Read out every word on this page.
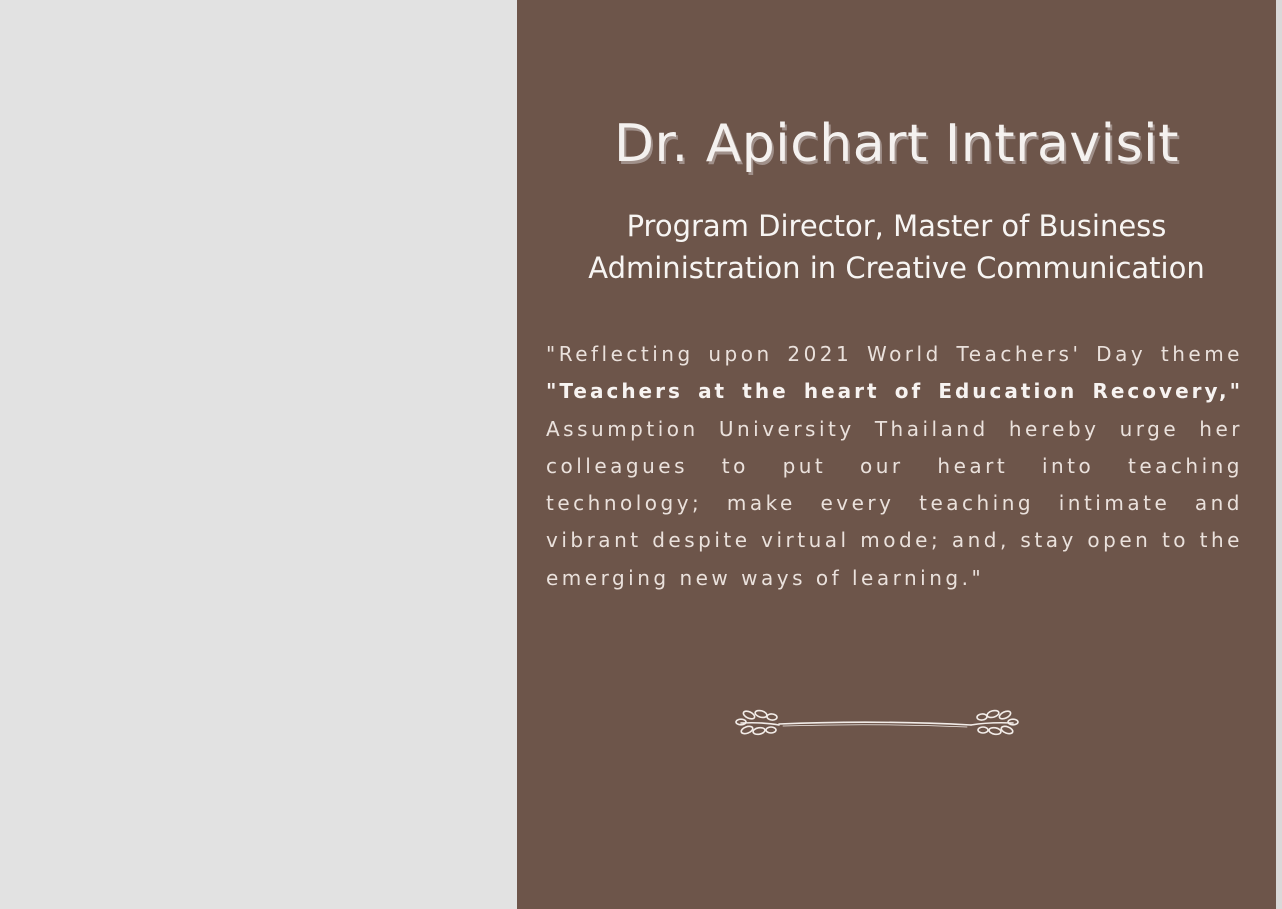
Dr. Apichart Intravisit
Program Director, Master of Business
Administration in Creative Communication

"Reflecting upon 2021 World Teachers' Day theme "Teachers at the heart of Education Recovery," Assumption University Thailand hereby urge her colleagues to put our heart into teaching technology; make every teaching intimate and vibrant despite virtual mode; and, stay open to the emerging new ways of learning."
